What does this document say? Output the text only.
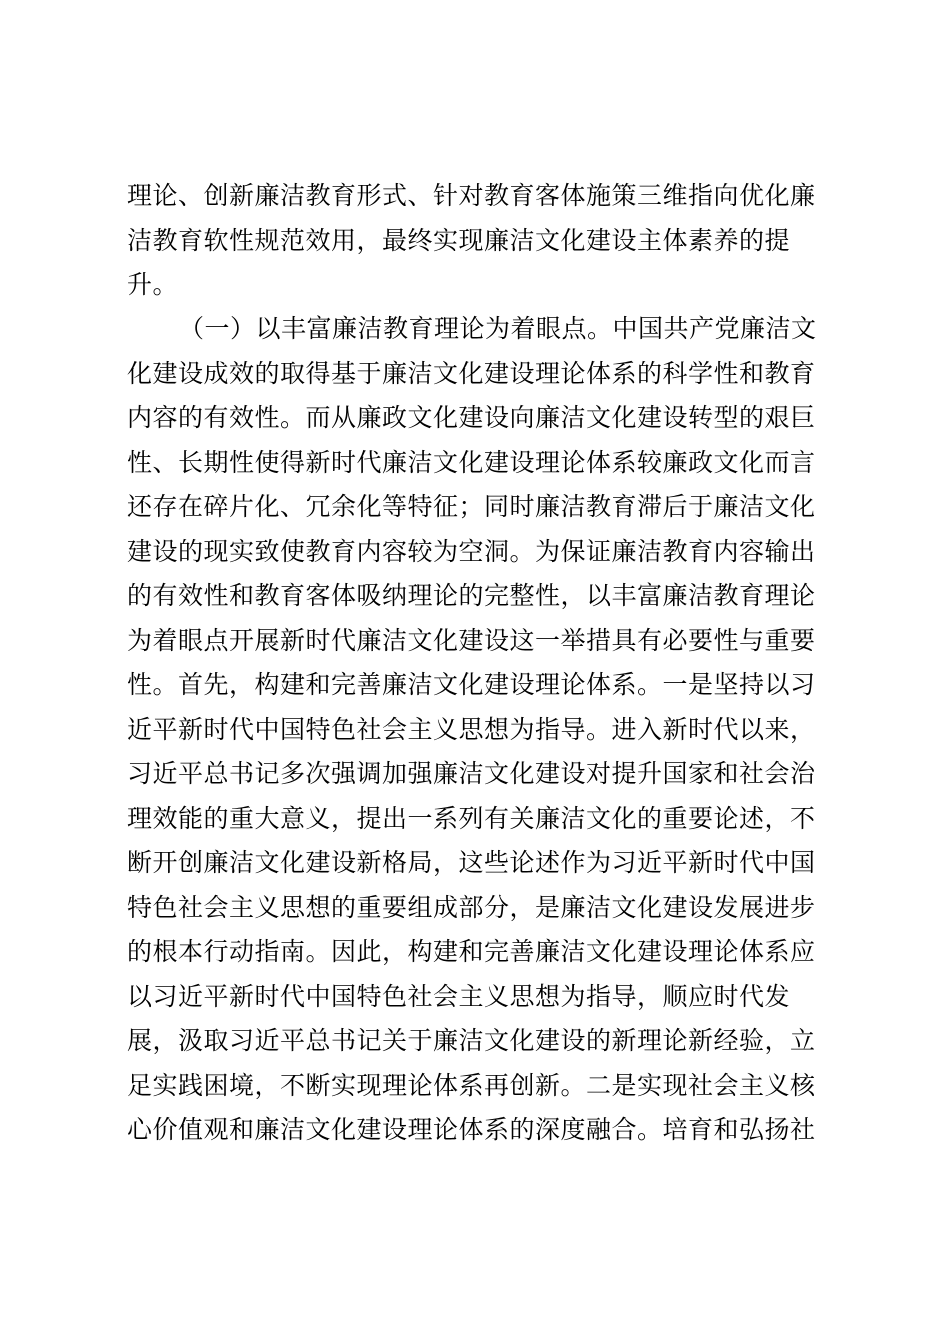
理论、创新廉洁教育形式、针对教育客体施策三维指向优化廉
洁教育软性规范效用，最终实现廉洁文化建设主体素养的提
升。
（一）以丰富廉洁教育理论为着眼点。中国共产党廉洁文
化建设成效的取得基于廉洁文化建设理论体系的科学性和教育
内容的有效性。而从廉政文化建设向廉洁文化建设转型的艰巨
性、长期性使得新时代廉洁文化建设理论体系较廉政文化而言
还存在碎片化、冗余化等特征；同时廉洁教育滞后于廉洁文化
建设的现实致使教育内容较为空洞。为保证廉洁教育内容输出
的有效性和教育客体吸纳理论的完整性，以丰富廉洁教育理论
为着眼点开展新时代廉洁文化建设这一举措具有必要性与重要
性。首先，构建和完善廉洁文化建设理论体系。一是坚持以习
近平新时代中国特色社会主义思想为指导。进入新时代以来，
习近平总书记多次强调加强廉洁文化建设对提升国家和社会治
理效能的重大意义，提出一系列有关廉洁文化的重要论述，不
断开创廉洁文化建设新格局，这些论述作为习近平新时代中国
特色社会主义思想的重要组成部分，是廉洁文化建设发展进步
的根本行动指南。因此，构建和完善廉洁文化建设理论体系应
以习近平新时代中国特色社会主义思想为指导，顺应时代发
展，汲取习近平总书记关于廉洁文化建设的新理论新经验，立
足实践困境，不断实现理论体系再创新。二是实现社会主义核
心价值观和廉洁文化建设理论体系的深度融合。培育和弘扬社
